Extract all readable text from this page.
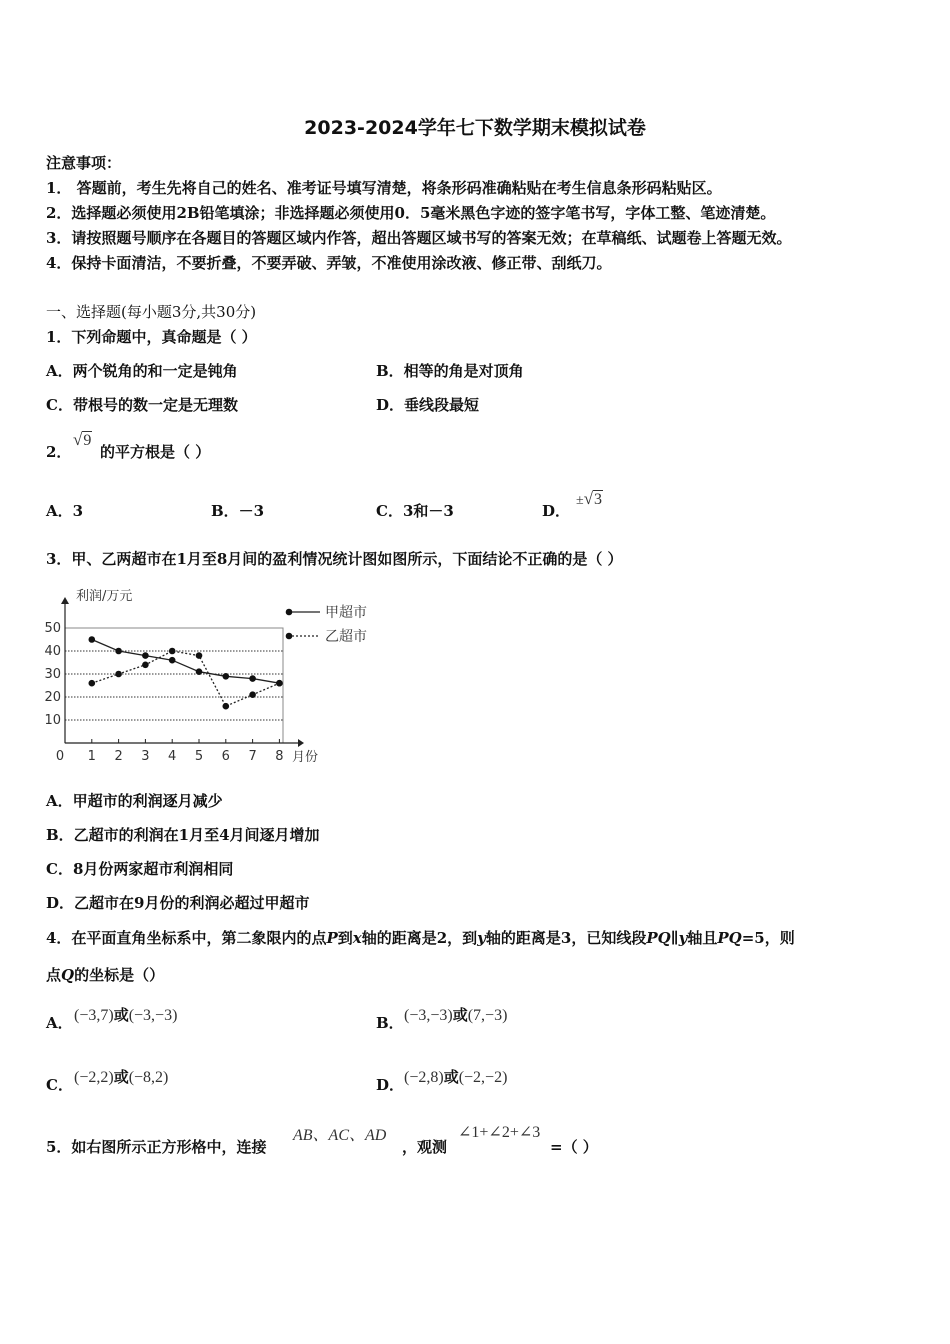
2023-2024学年七下数学期末模拟试卷
注意事项：
1． 答题前，考生先将自己的姓名、准考证号填写清楚，将条形码准确粘贴在考生信息条形码粘贴区。
2．选择题必须使用2B铅笔填涂；非选择题必须使用0．5毫米黑色字迹的签字笔书写，字体工整、笔迹清楚。
3．请按照题号顺序在各题目的答题区域内作答，超出答题区域书写的答案无效；在草稿纸、试题卷上答题无效。
4．保持卡面清洁，不要折叠，不要弄破、弄皱，不准使用涂改液、修正带、刮纸刀。
一、选择题(每小题3分,共30分)
1．下列命题中，真命题是（ ）
A．两个锐角的和一定是钝角	B．相等的角是对顶角
C．带根号的数一定是无理数	D．垂线段最短
2．
√9
的平方根是（ ）
A．3	B．－3	C．3和－3	D．
±√3
3．甲、乙两超市在1月至8月间的盈利情况统计图如图所示，下面结论不正确的是（ ）
10
20
30
40
50
0 1 2 3 4 5 6 7 8 月份
利润/万元
甲超市
乙超市
A．甲超市的利润逐月减少
B．乙超市的利润在1月至4月间逐月增加
C．8月份两家超市利润相同
D．乙超市在9月份的利润必超过甲超市
4．在平面直角坐标系中，第二象限内的点P到x轴的距离是2，到y轴的距离是3，已知线段PQ∥y轴且PQ=5，则
点Q的坐标是（）
A． (−3,7)或(−3,−3)	B． (−3,−3)或(7,−3)
C． (−2,2)或(−8,2)	D． (−2,8)或(−2,−2)
5．如右图所示正方形格中，连接
AB、AC、AD
，观测
∠1+∠2+∠3
=（ ）
